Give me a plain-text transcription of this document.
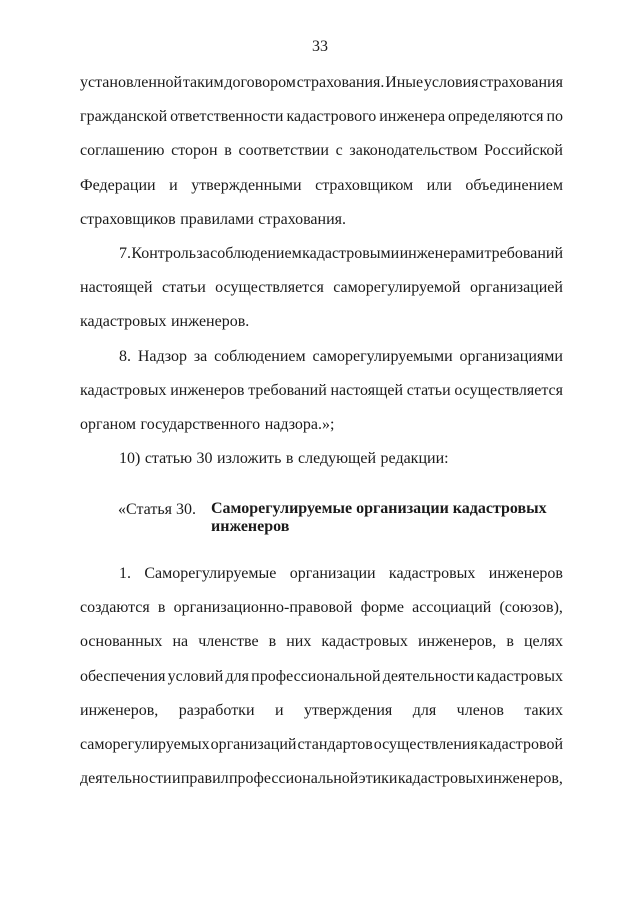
33
установленной таким договором страхования. Иные условия страхования
гражданской ответственности кадастрового инженера определяются по
соглашению сторон в соответствии с законодательством Российской
Федерации и утвержденными страховщиком или объединением
страховщиков правилами страхования.
7. Контроль за соблюдением кадастровыми инженерами требований
настоящей статьи осуществляется саморегулируемой организацией
кадастровых инженеров.
8. Надзор за соблюдением саморегулируемыми организациями
кадастровых инженеров требований настоящей статьи осуществляется
органом государственного надзора.»;
10) статью 30 изложить в следующей редакции:
«Статья 30. Саморегулируемые организации кадастровых инженеров
1. Саморегулируемые организации кадастровых инженеров
создаются в организационно-правовой форме ассоциаций (союзов),
основанных на членстве в них кадастровых инженеров, в целях
обеспечения условий для профессиональной деятельности кадастровых
инженеров, разработки и утверждения для членов таких
саморегулируемых организаций стандартов осуществления кадастровой
деятельности и правил профессиональной этики кадастровых инженеров,
